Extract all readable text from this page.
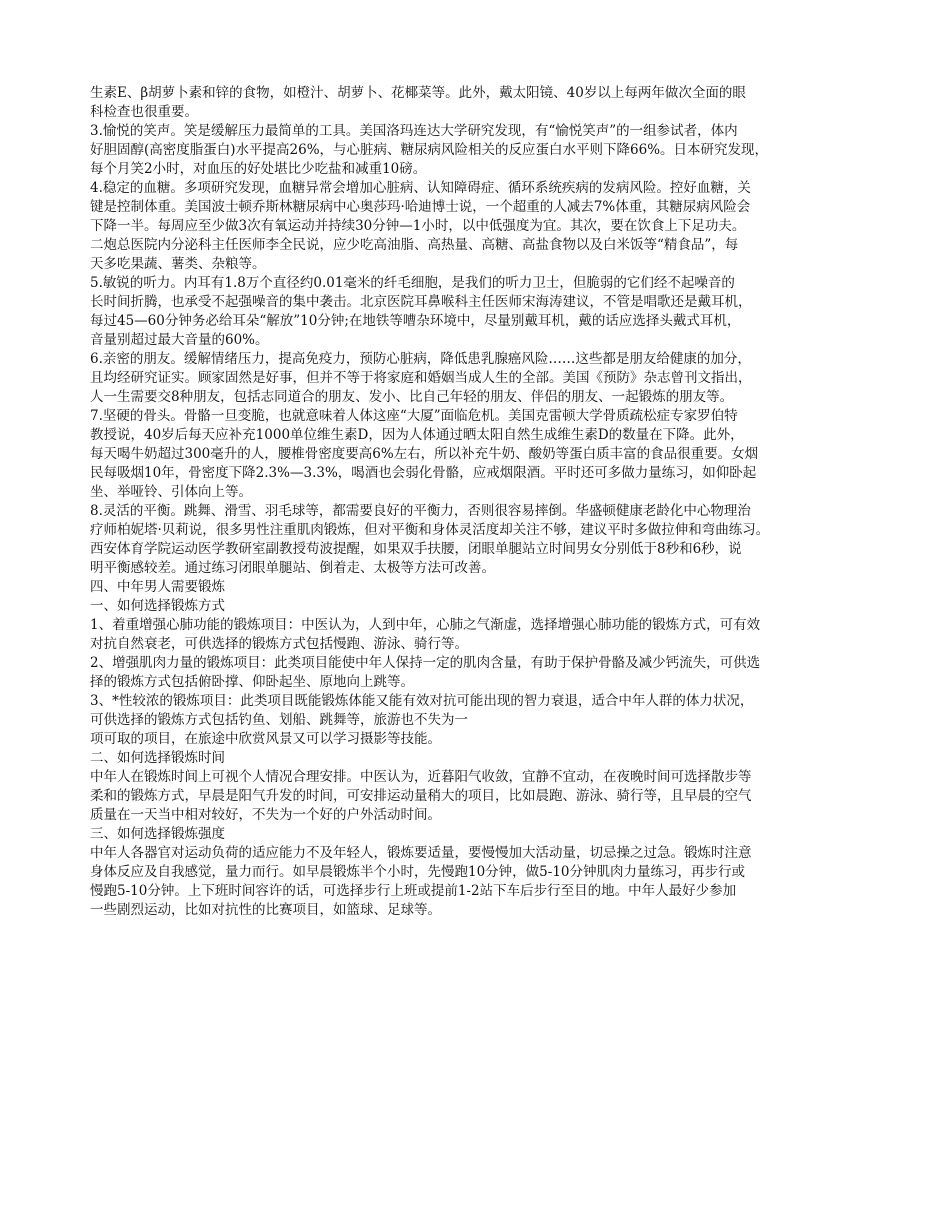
生素E、β胡萝卜素和锌的食物，如橙汁、胡萝卜、花椰菜等。此外，戴太阳镜、40岁以上每两年做次全面的眼
科检查也很重要。
3.愉悦的笑声。笑是缓解压力最简单的工具。美国洛玛连达大学研究发现，有“愉悦笑声”的一组参试者，体内
好胆固醇(高密度脂蛋白)水平提高26%，与心脏病、糖尿病风险相关的反应蛋白水平则下降66%。日本研究发现，
每个月笑2小时，对血压的好处堪比少吃盐和减重10磅。
4.稳定的血糖。多项研究发现，血糖异常会增加心脏病、认知障碍症、循环系统疾病的发病风险。控好血糖，关
键是控制体重。美国波士顿乔斯林糖尿病中心奥莎玛·哈迪博士说，一个超重的人减去7%体重，其糖尿病风险会
下降一半。每周应至少做3次有氧运动并持续30分钟—1小时，以中低强度为宜。其次，要在饮食上下足功夫。
二炮总医院内分泌科主任医师李全民说，应少吃高油脂、高热量、高糖、高盐食物以及白米饭等“精食品”，每
天多吃果蔬、薯类、杂粮等。
5.敏锐的听力。内耳有1.8万个直径约0.01毫米的纤毛细胞，是我们的听力卫士，但脆弱的它们经不起噪音的
长时间折腾，也承受不起强噪音的集中袭击。北京医院耳鼻喉科主任医师宋海涛建议，不管是唱歌还是戴耳机，
每过45—60分钟务必给耳朵“解放”10分钟;在地铁等嘈杂环境中，尽量别戴耳机，戴的话应选择头戴式耳机，
音量别超过最大音量的60%。
6.亲密的朋友。缓解情绪压力，提高免疫力，预防心脏病，降低患乳腺癌风险……这些都是朋友给健康的加分，
且均经研究证实。顾家固然是好事，但并不等于将家庭和婚姻当成人生的全部。美国《预防》杂志曾刊文指出，
人一生需要交8种朋友，包括志同道合的朋友、发小、比自己年轻的朋友、伴侣的朋友、一起锻炼的朋友等。
7.坚硬的骨头。骨骼一旦变脆，也就意味着人体这座“大厦”面临危机。美国克雷顿大学骨质疏松症专家罗伯特
教授说，40岁后每天应补充1000单位维生素D，因为人体通过晒太阳自然生成维生素D的数量在下降。此外，
每天喝牛奶超过300毫升的人，腰椎骨密度要高6%左右，所以补充牛奶、酸奶等蛋白质丰富的食品很重要。女烟
民每吸烟10年，骨密度下降2.3%—3.3%，喝酒也会弱化骨骼，应戒烟限酒。平时还可多做力量练习，如仰卧起
坐、举哑铃、引体向上等。
8.灵活的平衡。跳舞、滑雪、羽毛球等，都需要良好的平衡力，否则很容易摔倒。华盛顿健康老龄化中心物理治
疗师柏妮塔·贝莉说，很多男性注重肌肉锻炼，但对平衡和身体灵活度却关注不够，建议平时多做拉伸和弯曲练习。
西安体育学院运动医学教研室副教授苟波提醒，如果双手扶腰，闭眼单腿站立时间男女分别低于8秒和6秒，说
明平衡感较差。通过练习闭眼单腿站、倒着走、太极等方法可改善。
四、中年男人需要锻炼
一、如何选择锻炼方式
1、着重增强心肺功能的锻炼项目：中医认为，人到中年，心肺之气渐虚，选择增强心肺功能的锻炼方式，可有效
对抗自然衰老，可供选择的锻炼方式包括慢跑、游泳、骑行等。
2、增强肌肉力量的锻炼项目：此类项目能使中年人保持一定的肌肉含量，有助于保护骨骼及减少钙流失，可供选
择的锻炼方式包括俯卧撑、仰卧起坐、原地向上跳等。
3、*性较浓的锻炼项目：此类项目既能锻炼体能又能有效对抗可能出现的智力衰退，适合中年人群的体力状况，
可供选择的锻炼方式包括钓鱼、划船、跳舞等，旅游也不失为一
项可取的项目，在旅途中欣赏风景又可以学习摄影等技能。
二、如何选择锻炼时间
中年人在锻炼时间上可视个人情况合理安排。中医认为，近暮阳气收敛，宜静不宜动，在夜晚时间可选择散步等
柔和的锻炼方式，早晨是阳气升发的时间，可安排运动量稍大的项目，比如晨跑、游泳、骑行等，且早晨的空气
质量在一天当中相对较好，不失为一个好的户外活动时间。
三、如何选择锻炼强度
中年人各器官对运动负荷的适应能力不及年轻人，锻炼要适量，要慢慢加大活动量，切忌操之过急。锻炼时注意
身体反应及自我感觉，量力而行。如早晨锻炼半个小时，先慢跑10分钟，做5-10分钟肌肉力量练习，再步行或
慢跑5-10分钟。上下班时间容许的话，可选择步行上班或提前1-2站下车后步行至目的地。中年人最好少参加
一些剧烈运动，比如对抗性的比赛项目，如篮球、足球等。
